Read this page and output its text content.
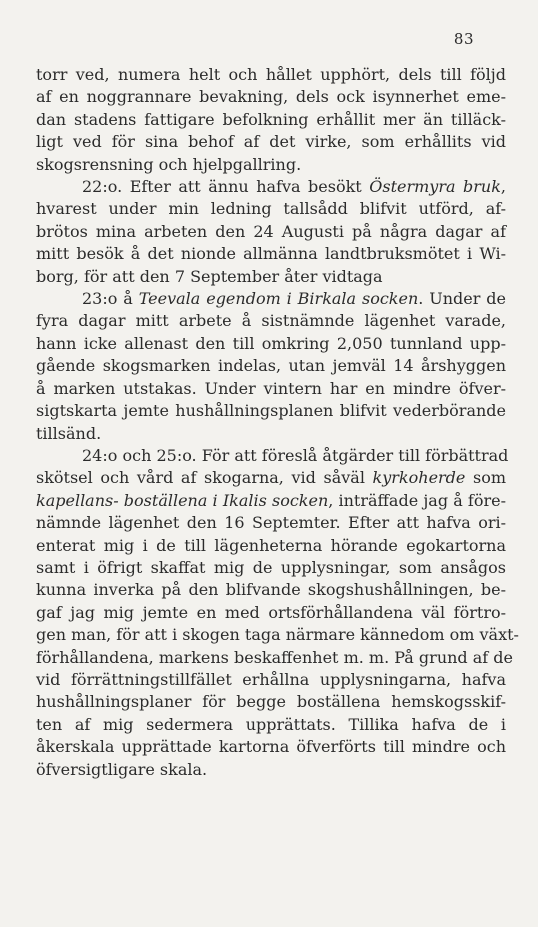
83
torr ved, numera helt och hållet upphört, dels till följd
af en noggrannare bevakning, dels ock isynnerhet eme-
dan stadens fattigare befolkning erhållit mer än tilläck-
ligt ved för sina behof af det virke, som erhållits vid
skogsrensning och hjelpgallring.
22:o. Efter att ännu hafva besökt Östermyra bruk,
hvarest under min ledning tallsådd blifvit utförd, af-
brötos mina arbeten den 24 Augusti på några dagar af
mitt besök å det nionde allmänna landtbruksmötet i Wi-
borg, för att den 7 September åter vidtaga
23:o å Teevala egendom i Birkala socken. Under de
fyra dagar mitt arbete å sistnämnde lägenhet varade,
hann icke allenast den till omkring 2,050 tunnland upp-
gående skogsmarken indelas, utan jemväl 14 årshyggen
å marken utstakas. Under vintern har en mindre öfver-
sigtskarta jemte hushållningsplanen blifvit vederbörande
tillsänd.
24:o och 25:o. För att föreslå åtgärder till förbättrad
skötsel och vård af skogarna, vid såväl kyrkoherde som
kapellans- boställena i Ikalis socken, inträffade jag å före-
nämnde lägenhet den 16 Septemter. Efter att hafva ori-
enterat mig i de till lägenheterna hörande egokartorna
samt i öfrigt skaffat mig de upplysningar, som ansågos
kunna inverka på den blifvande skogshushållningen, be-
gaf jag mig jemte en med ortsförhållandena väl förtro-
gen man, för att i skogen taga närmare kännedom om växt-
förhållandena, markens beskaffenhet m. m. På grund af de
vid förrättningstillfället erhållna upplysningarna, hafva
hushållningsplaner för begge boställena hemskogsskif-
ten af mig sedermera upprättats. Tillika hafva de i
åkerskala upprättade kartorna öfverförts till mindre och
öfversigtligare skala.
